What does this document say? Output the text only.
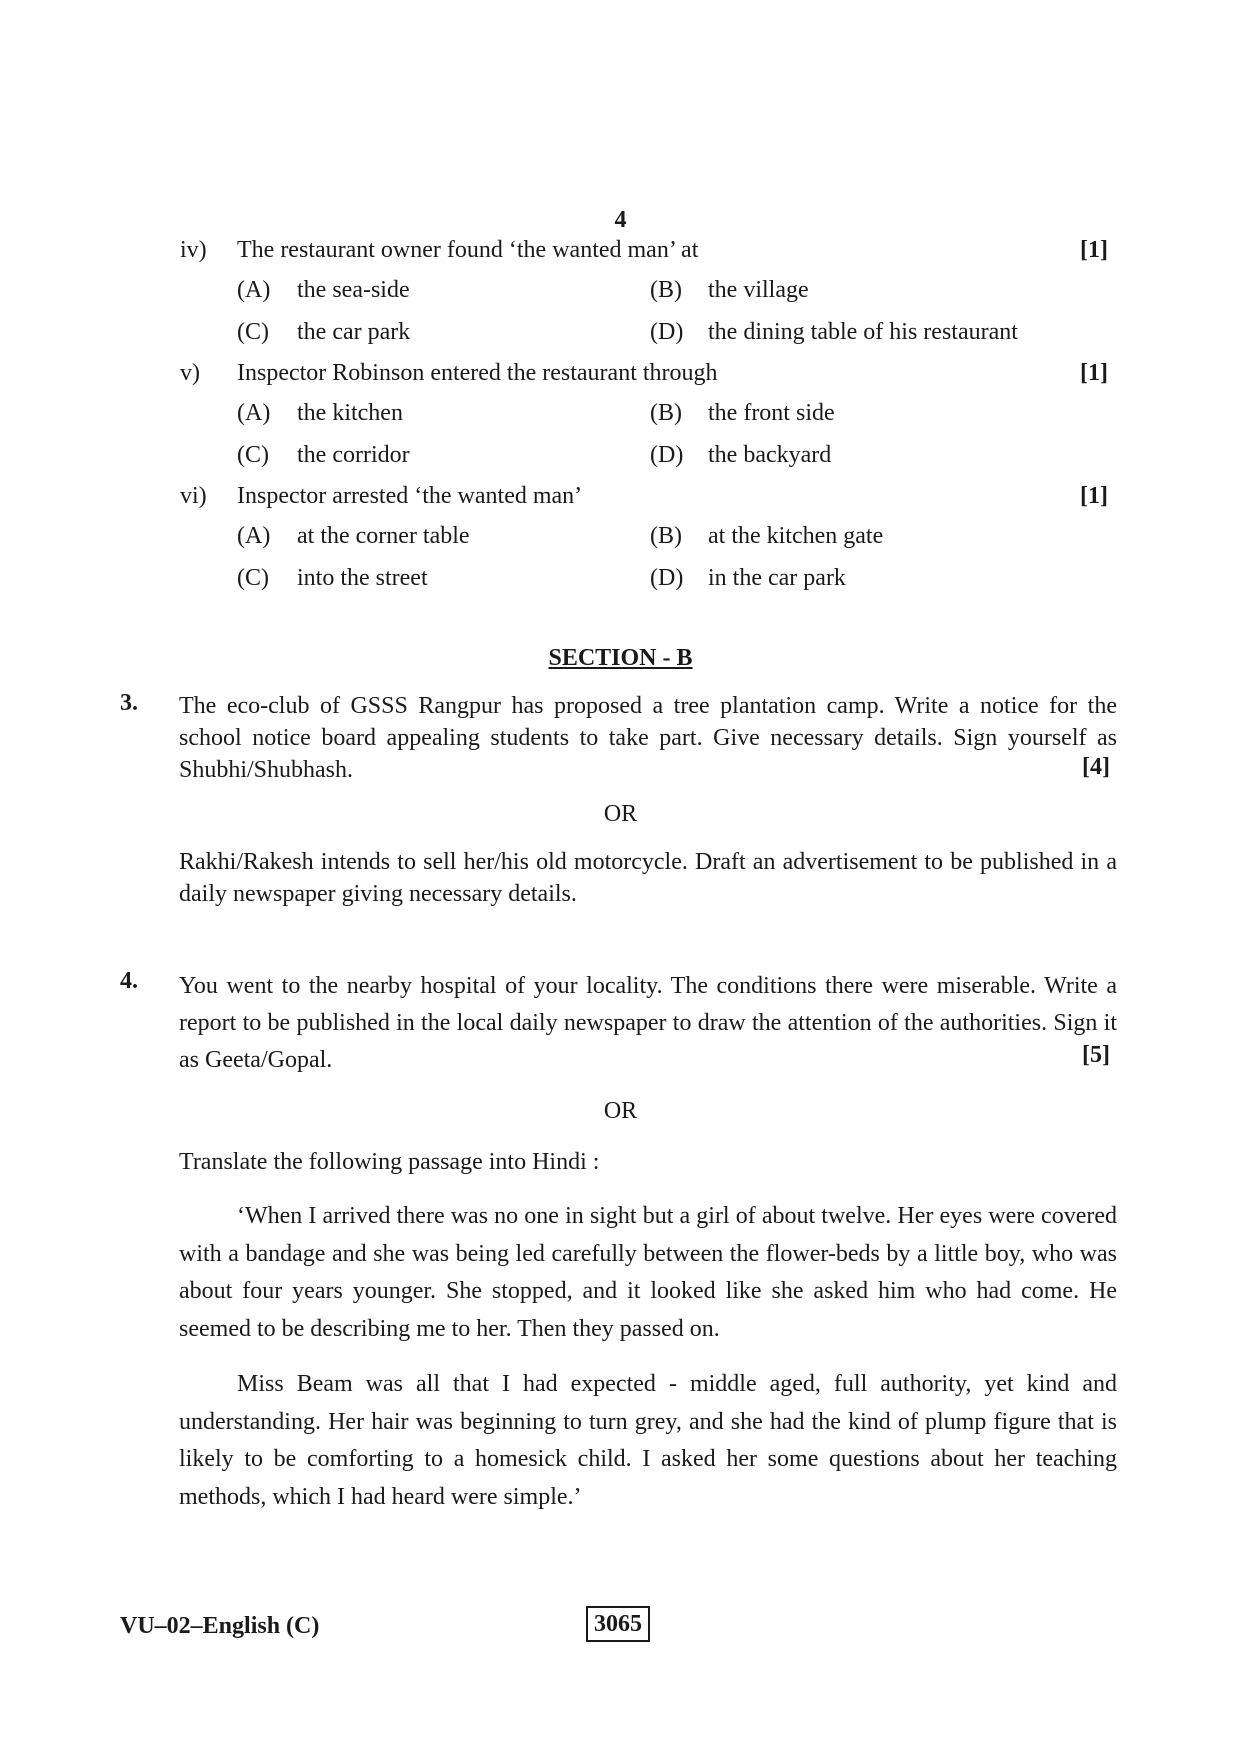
4
iv) The restaurant owner found ‘the wanted man’ at	[1]
(A) the sea-side	(B) the village
(C) the car park	(D) the dining table of his restaurant
v) Inspector Robinson entered the restaurant through	[1]
(A) the kitchen	(B) the front side
(C) the corridor	(D) the backyard
vi) Inspector arrested ‘the wanted man’	[1]
(A) at the corner table	(B) at the kitchen gate
(C) into the street	(D) in the car park
SECTION - B
3. The eco-club of GSSS Rangpur has proposed a tree plantation camp. Write a notice for the school notice board appealing students to take part. Give necessary details. Sign yourself as Shubhi/Shubhash.	[4]
OR

Rakhi/Rakesh intends to sell her/his old motorcycle. Draft an advertisement to be published in a daily newspaper giving necessary details.

4. You went to the nearby hospital of your locality. The conditions there were miserable. Write a report to be published in the local daily newspaper to draw the attention of the authorities. Sign it as Geeta/Gopal.	[5]
OR
Translate the following passage into Hindi :

‘When I arrived there was no one in sight but a girl of about twelve. Her eyes were covered with a bandage and she was being led carefully between the flower-beds by a little boy, who was about four years younger. She stopped, and it looked like she asked him who had come. He seemed to be describing me to her. Then they passed on.

Miss Beam was all that I had expected - middle aged, full authority, yet kind and understanding. Her hair was beginning to turn grey, and she had the kind of plump figure that is likely to be comforting to a homesick child. I asked her some questions about her teaching methods, which I had heard were simple.’

VU–02–English (C)	3065
